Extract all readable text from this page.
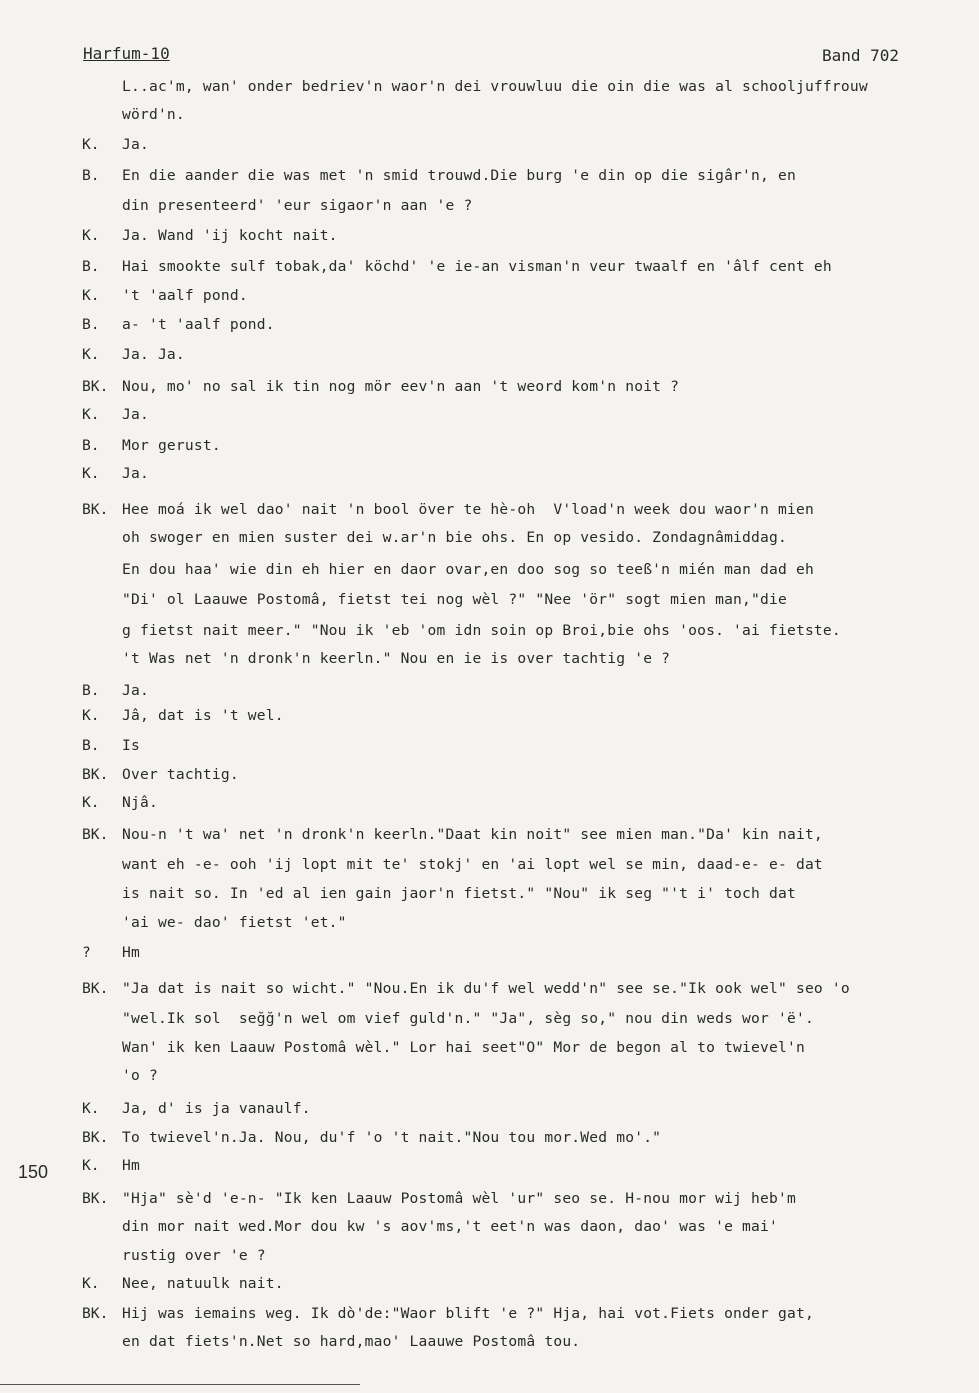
Harfum-10	Band 702
150
L..ac'm, wan' onder bedriev'n waor'n dei vrouwluu die oin die was al schooljuffrouw
wörd'n.
K. Ja.
B. En die aander die was met 'n smid trouwd.Die burg 'e din op die sigâr'n, en
din presenteerd' 'eur sigaor'n aan 'e ?
K. Ja. Wand 'ij kocht nait.
B. Hai smookte sulf tobak,da' köchd' 'e ie-an visman'n veur twaalf en 'âlf cent eh
K. 't 'aalf pond.
B. a- 't 'aalf pond.
K. Ja. Ja.
BK. Nou, mo' no sal ik tin nog mör eev'n aan 't weord kom'n noit ?
K. Ja.
B. Mor gerust.
K. Ja.
BK. Hee moá ik wel dao' nait 'n bool över te hè-oh  V'load'n week dou waor'n mien
oh swoger en mien suster dei w.ar'n bie ohs. En op vesido. Zondagnâmiddag.
En dou haa' wie din eh hier en daor ovar,en doo sog so teeß'n mién man dad eh
"Di' ol Laauwe Postomâ, fietst tei nog wèl ?" "Nee 'ör" sogt mien man,"die
g fietst nait meer." "Nou ik 'eb 'om idn soin op Broi,bie ohs 'oos. 'ai fietste.
't Was net 'n dronk'n keerln." Nou en ie is over tachtig 'e ?
B. Ja.
K. Jâ, dat is 't wel.
B. Is
BK. Over tachtig.
K. Njâ.
BK. Nou-n 't wa' net 'n dronk'n keerln."Daat kin noit" see mien man."Da' kin nait,
want eh -e- ooh 'ij lopt mit te' stokj' en 'ai lopt wel se min, daad-e- e- dat
is nait so. In 'ed al ien gain jaor'n fietst." "Nou" ik seg "'t i' toch dat
'ai we- dao' fietst 'et."
? Hm
BK. "Ja dat is nait so wicht." "Nou.En ik du'f wel wedd'n" see se."Ik ook wel" seo 'o
"wel.Ik sol  seğğ'n wel om vief guld'n." "Ja", sèg so," nou din weds wor 'ë'.
Wan' ik ken Laauw Postomâ wèl." Lor hai seet"O" Mor de begon al to twievel'n
'o ?
K. Ja, d' is ja vanaulf.
BK. To twievel'n.Ja. Nou, du'f 'o 't nait."Nou tou mor.Wed mo'."
K. Hm
BK. "Hja" sè'd 'e-n- "Ik ken Laauw Postomâ wèl 'ur" seo se. H-nou mor wij heb'm
din mor nait wed.Mor dou kw 's aov'ms,'t eet'n was daon, dao' was 'e mai'
rustig over 'e ?
K. Nee, natuulk nait.
BK. Hij was iemains weg. Ik dò'de:"Waor blift 'e ?" Hja, hai vot.Fiets onder gat,
en dat fiets'n.Net so hard,mao' Laauwe Postomâ tou.
